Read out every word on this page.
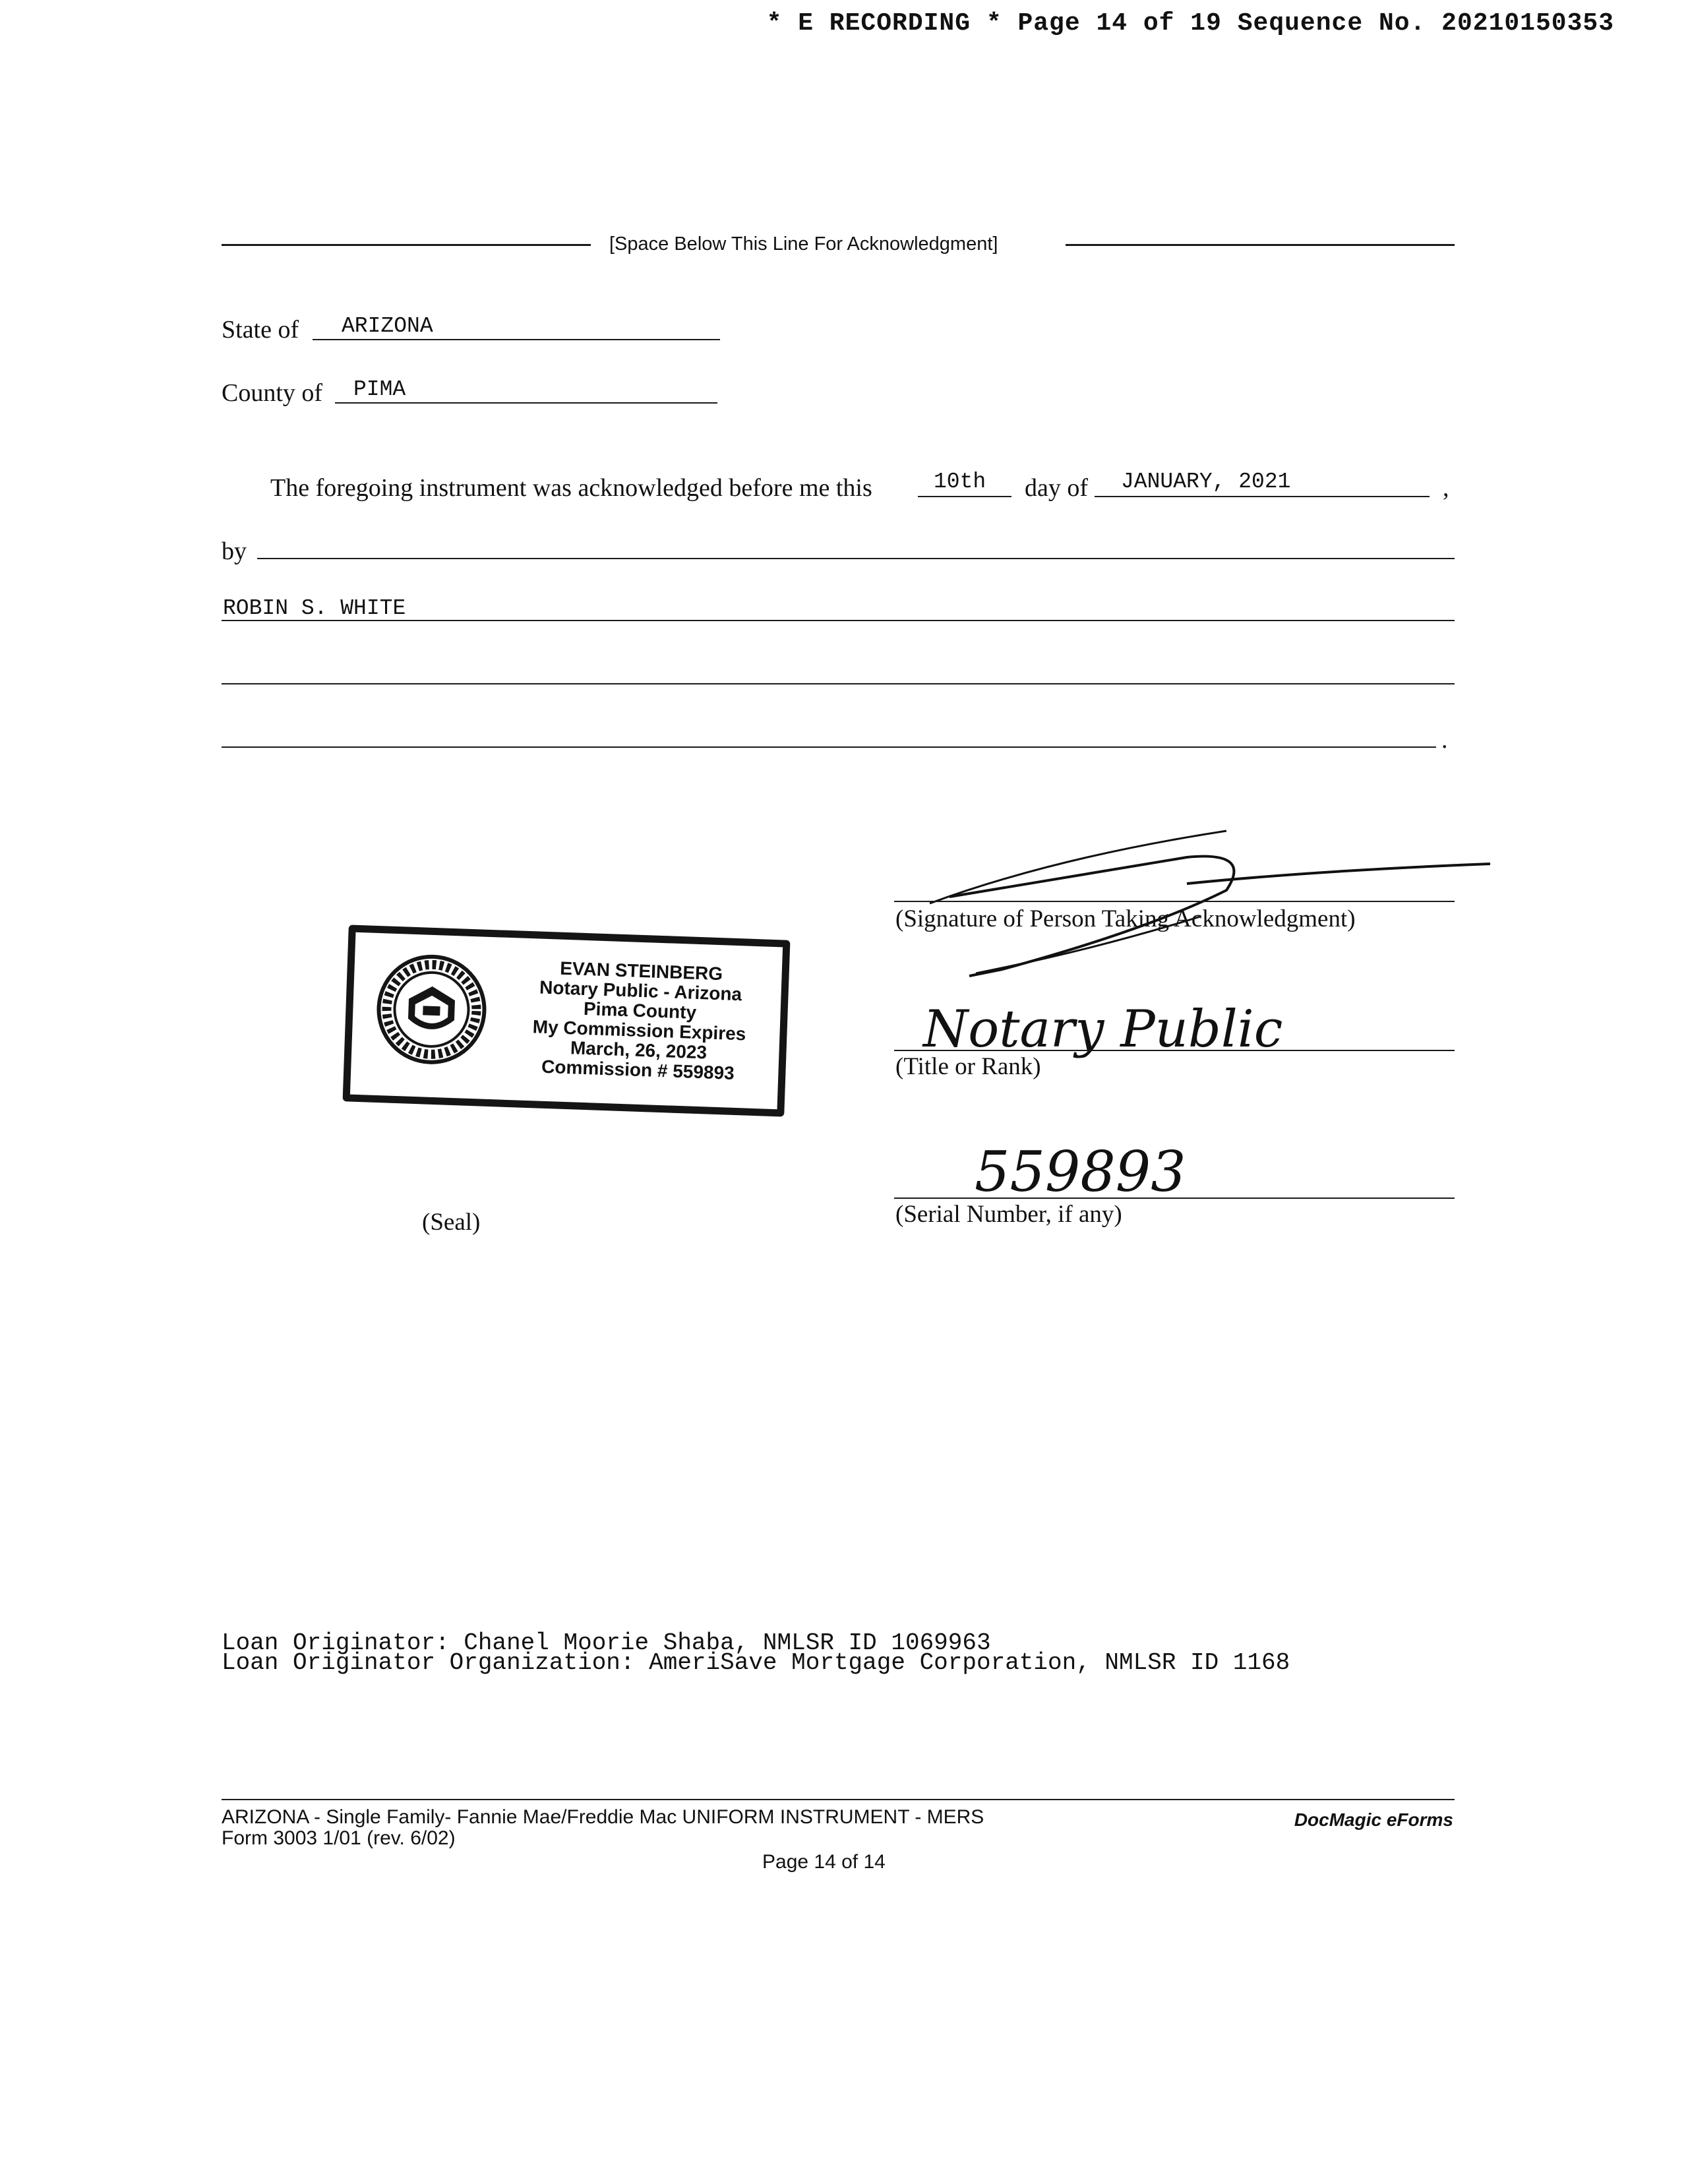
* E RECORDING * Page 14 of 19 Sequence No. 20210150353
[Space Below This Line For Acknowledgment]
State of ARIZONA
County of PIMA
The foregoing instrument was acknowledged before me this	10th day of JANUARY, 2021	,
by
ROBIN S. WHITE
.
EVAN STEINBERG
Notary Public - Arizona
Pima County
My Commission Expires
March, 26, 2023
Commission # 559893
(Seal)
(Signature of Person Taking Acknowledgment)
Notary Public
(Title or Rank)
559893
(Serial Number, if any)
Loan Originator: Chanel Moorie Shaba, NMLSR ID 1069963
Loan Originator Organization: AmeriSave Mortgage Corporation, NMLSR ID 1168
ARIZONA - Single Family- Fannie Mae/Freddie Mac UNIFORM INSTRUMENT - MERS
Form 3003 1/01 (rev. 6/02)
DocMagic eForms
Page 14 of 14
